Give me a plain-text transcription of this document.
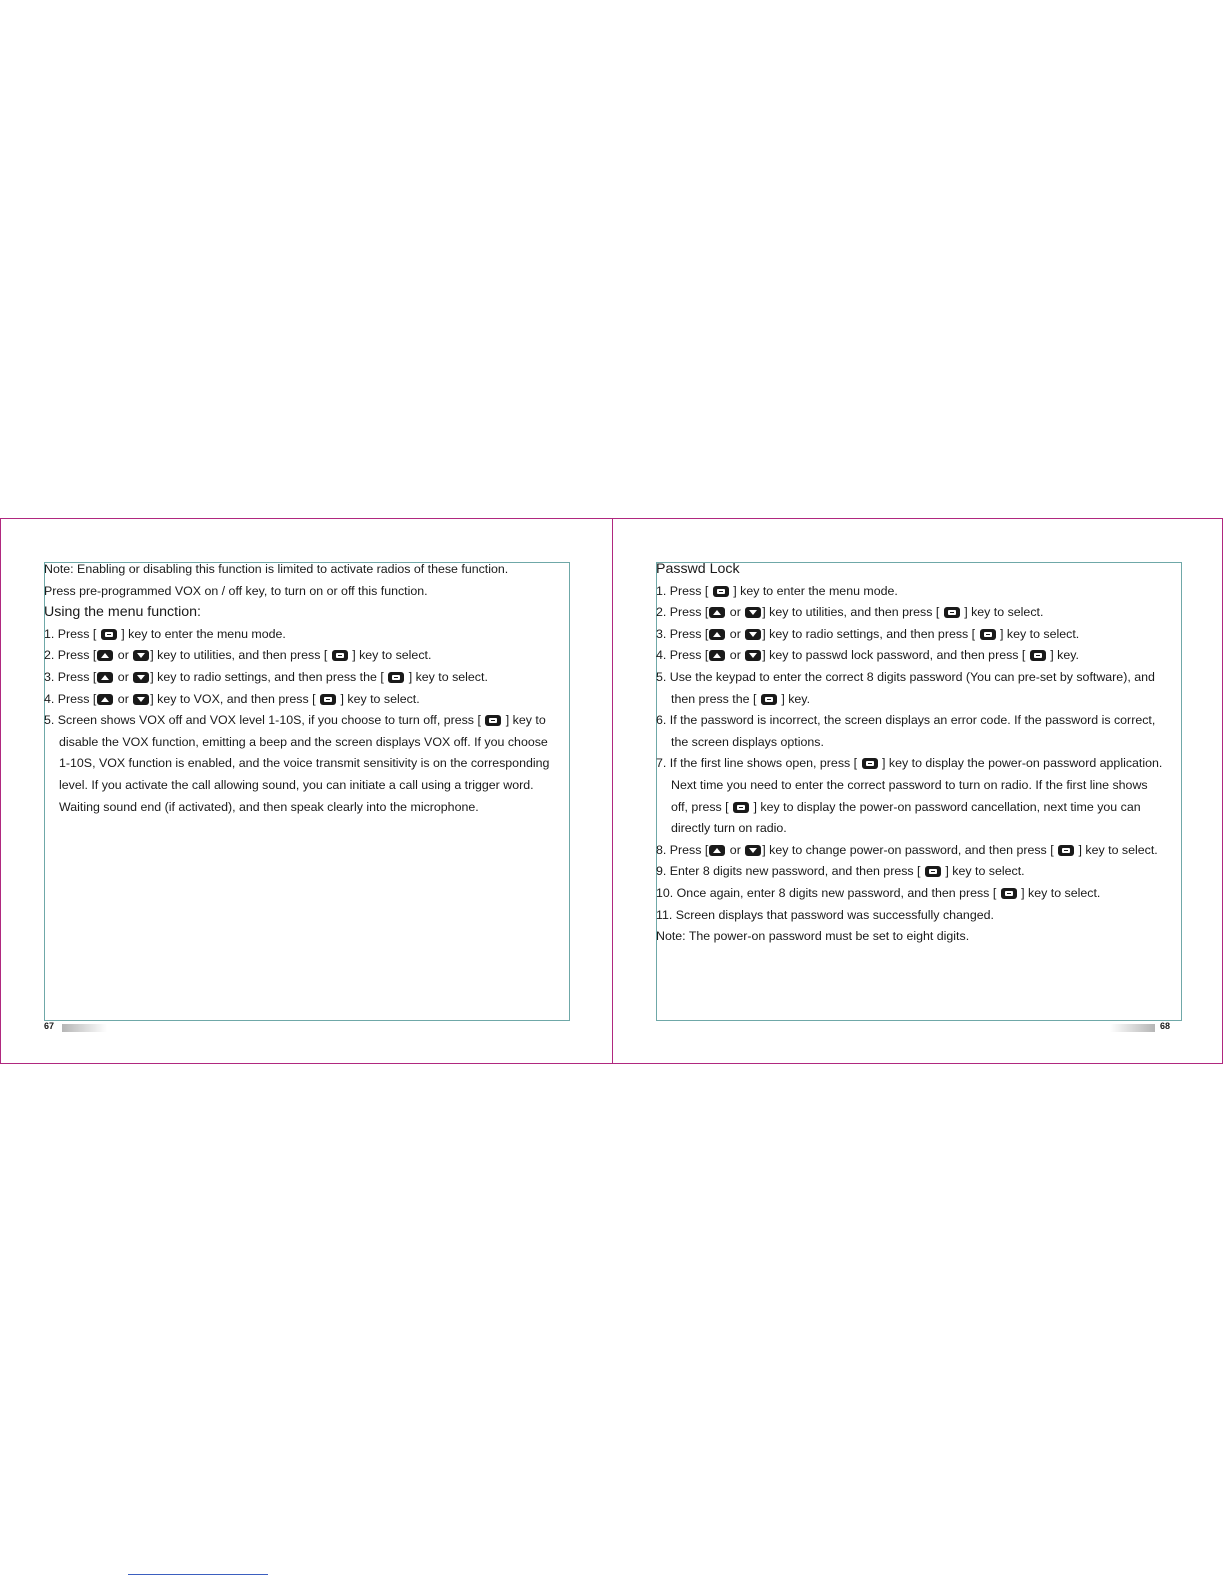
Note: Enabling or disabling this function is limited to activate radios of these function.
Press pre-programmed VOX on / off key, to turn on or off this function.
Using the menu function:
1. Press [ ] key to enter the menu mode.
2. Press [ or ] key to utilities, and then press [ ] key to select.
3. Press [ or ] key to radio settings, and then press the [ ] key to select.
4. Press [ or ] key to VOX, and then press [ ] key to select.
5. Screen shows VOX off and VOX level 1-10S, if you choose to turn off, press [ ] key to
disable the VOX function, emitting a beep and the screen displays VOX off. If you choose
1-10S, VOX function is enabled, and the voice transmit sensitivity is on the corresponding
level. If you activate the call allowing sound, you can initiate a call using a trigger word.
Waiting sound end (if activated), and then speak clearly into the microphone.
67
Passwd Lock
1. Press [ ] key to enter the menu mode.
2. Press [ or ] key to utilities, and then press [ ] key to select.
3. Press [ or ] key to radio settings, and then press [ ] key to select.
4. Press [ or ] key to passwd lock password, and then press [ ] key.
5. Use the keypad to enter the correct 8 digits password (You can pre-set by software), and
then press the [ ] key.
6. If the password is incorrect, the screen displays an error code. If the password is correct,
the screen displays options.
7. If the first line shows open, press [ ] key to display the power-on password application.
Next time you need to enter the correct password to turn on radio. If the first line shows
off, press [ ] key to display the power-on password cancellation, next time you can
directly turn on radio.
8. Press [ or ] key to change power-on password, and then press [ ] key to select.
9. Enter 8 digits new password, and then press [ ] key to select.
10. Once again, enter 8 digits new password, and then press [ ] key to select.
11. Screen displays that password was successfully changed.
Note: The power-on password must be set to eight digits.
68
